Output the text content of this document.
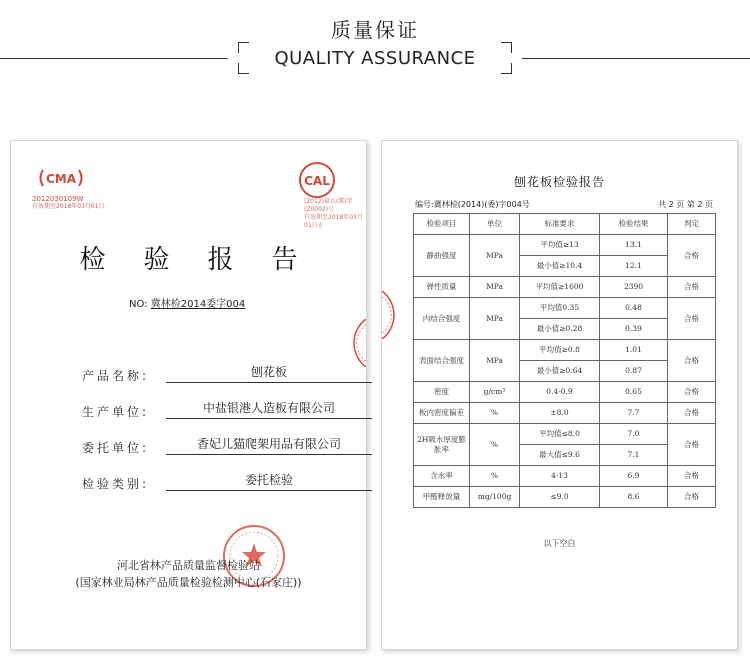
质量保证
QUALITY ASSURANCE
CMA
2012030109W
有效期至2018年03月01日
CAL
(2012)量认(冀)字(Z0002)号
有效期至2018年03月01日止
检验报告
NO: 冀林检2014委字004
产品名称:	刨花板
生产单位:	中盐银港人造板有限公司
委托单位:	香妃儿猫爬架用品有限公司
检验类别:	委托检验
河北省林产品质量监督检验站
(国家林业局林产品质量检验检测中心(石家庄))
刨花板检验报告
编号:冀林检(2014)(委)字004号	共 2 页 第 2 页
检验项目	单位	标准要求	检验结果	判定
静曲强度	MPa	平均值≥13	13.1	合格
		最小值≥10.4	12.1	
弹性质量	MPa	平均值≥1600	2390	合格
内结合强度	MPa	平均值0.35	0.48	合格
		最小值≥0.28	0.39	
表面结合强度	MPa	平均值≥0.8	1.01	合格
		最小值≥0.64	0.87	
密度	g/cm³	0.4-0.9	0.65	合格
板内密度偏差	%	±8.0	7.7	合格
2H吸水厚度膨胀率	%	平均值≤8.0	7.0	合格
		最大值≤9.6	7.1	
含水率	%	4-13	6.9	合格
甲醛释放量	mg/100g	≤9.0	8.6	合格
以下空白
